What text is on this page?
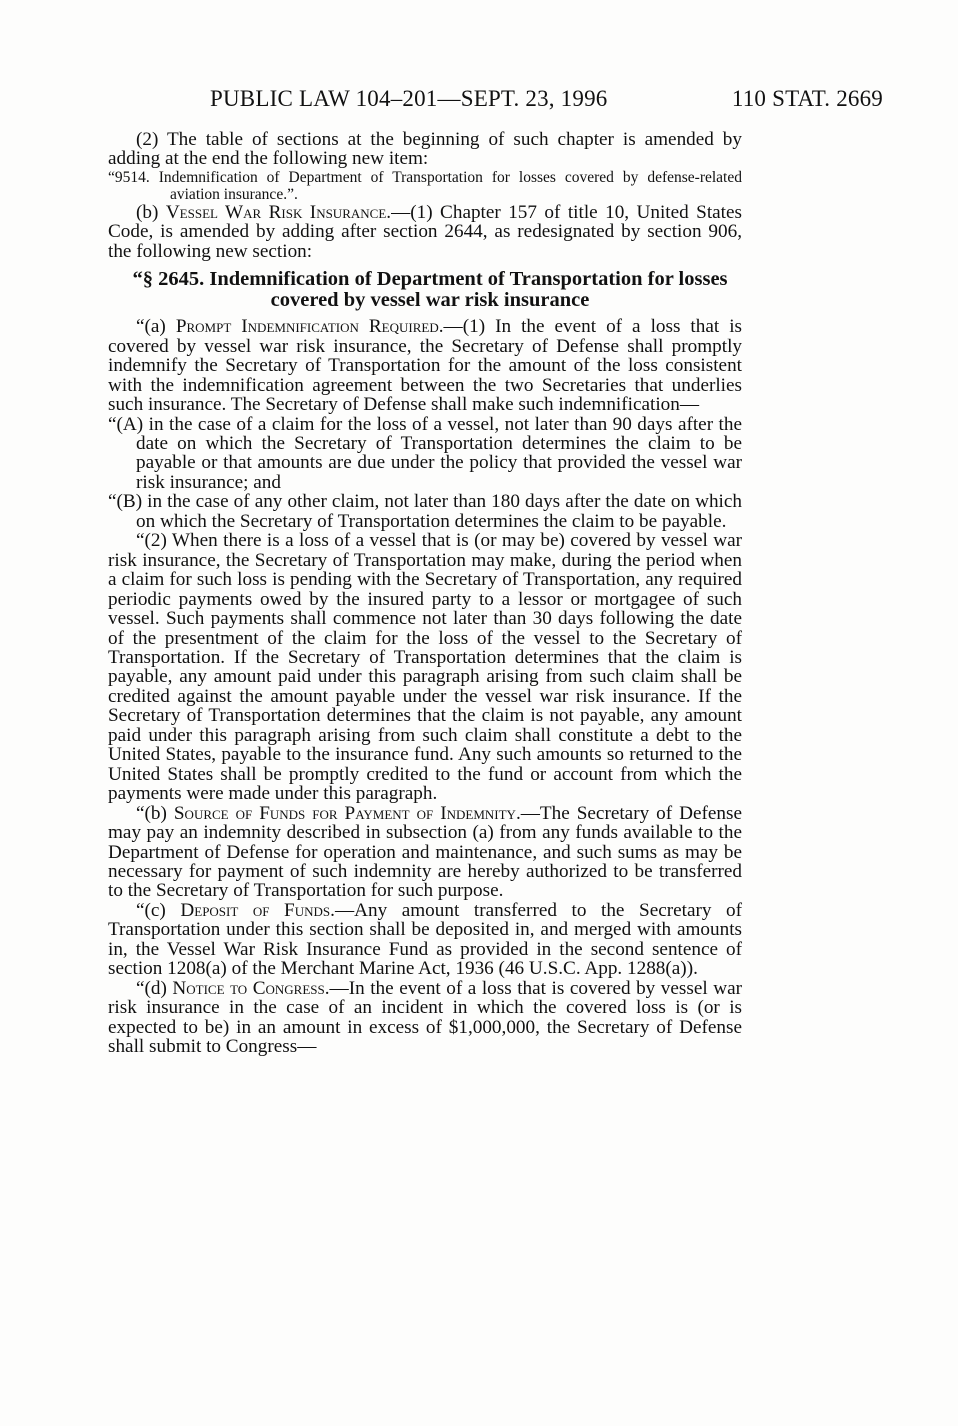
PUBLIC LAW 104–201—SEPT. 23, 1996	110 STAT. 2669

(2) The table of sections at the beginning of such chapter is amended by adding at the end the following new item:

“9514. Indemnification of Department of Transportation for losses covered by defense-related aviation insurance.”.

(b) Vessel War Risk Insurance.—(1) Chapter 157 of title 10, United States Code, is amended by adding after section 2644, as redesignated by section 906, the following new section:

“§ 2645. Indemnification of Department of Transportation for losses covered by vessel war risk insurance

“(a) Prompt Indemnification Required.—(1) In the event of a loss that is covered by vessel war risk insurance, the Secretary of Defense shall promptly indemnify the Secretary of Transportation for the amount of the loss consistent with the indemnification agreement between the two Secretaries that underlies such insurance. The Secretary of Defense shall make such indemnification—

“(A) in the case of a claim for the loss of a vessel, not later than 90 days after the date on which the Secretary of Transportation determines the claim to be payable or that amounts are due under the policy that provided the vessel war risk insurance; and

“(B) in the case of any other claim, not later than 180 days after the date on which on which the Secretary of Transportation determines the claim to be payable.

“(2) When there is a loss of a vessel that is (or may be) covered by vessel war risk insurance, the Secretary of Transportation may make, during the period when a claim for such loss is pending with the Secretary of Transportation, any required periodic payments owed by the insured party to a lessor or mortgagee of such vessel. Such payments shall commence not later than 30 days following the date of the presentment of the claim for the loss of the vessel to the Secretary of Transportation. If the Secretary of Transportation determines that the claim is payable, any amount paid under this paragraph arising from such claim shall be credited against the amount payable under the vessel war risk insurance. If the Secretary of Transportation determines that the claim is not payable, any amount paid under this paragraph arising from such claim shall constitute a debt to the United States, payable to the insurance fund. Any such amounts so returned to the United States shall be promptly credited to the fund or account from which the payments were made under this paragraph.

“(b) Source of Funds for Payment of Indemnity.—The Secretary of Defense may pay an indemnity described in subsection (a) from any funds available to the Department of Defense for operation and maintenance, and such sums as may be necessary for payment of such indemnity are hereby authorized to be transferred to the Secretary of Transportation for such purpose.

“(c) Deposit of Funds.—Any amount transferred to the Secretary of Transportation under this section shall be deposited in, and merged with amounts in, the Vessel War Risk Insurance Fund as provided in the second sentence of section 1208(a) of the Merchant Marine Act, 1936 (46 U.S.C. App. 1288(a)).

“(d) Notice to Congress.—In the event of a loss that is covered by vessel war risk insurance in the case of an incident in which the covered loss is (or is expected to be) in an amount in excess of $1,000,000, the Secretary of Defense shall submit to Congress—
